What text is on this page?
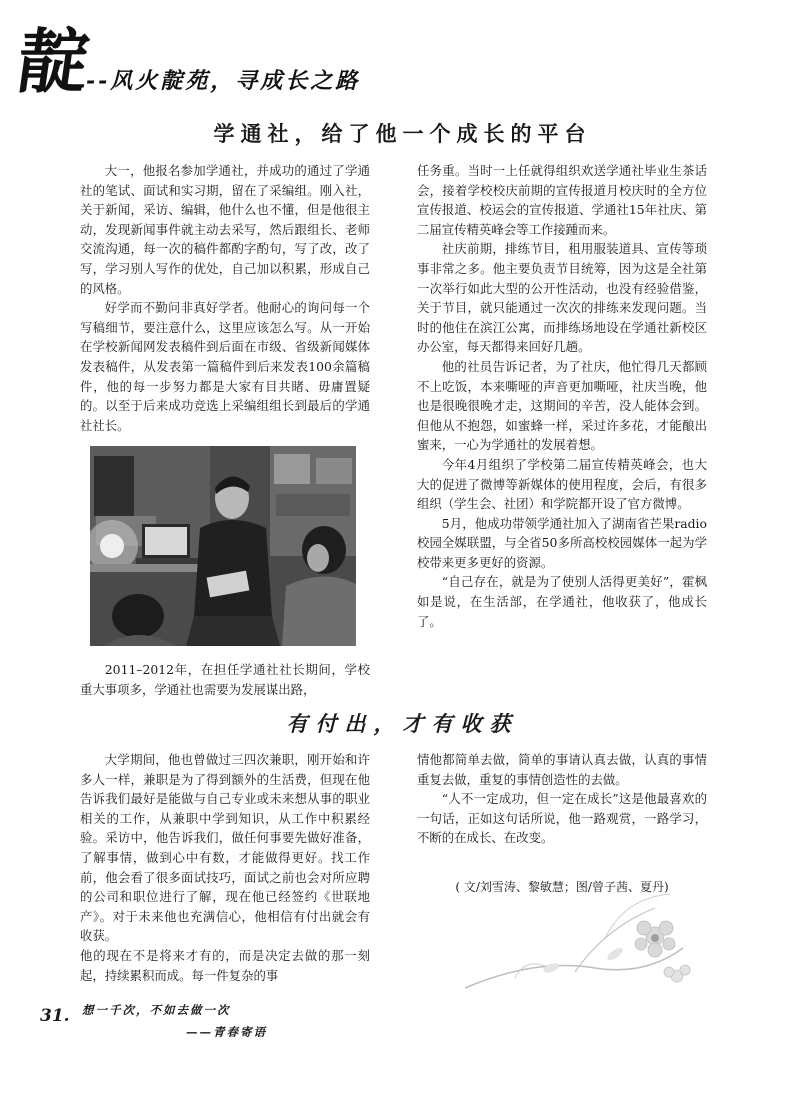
靛
--风火靛苑，寻成长之路
学通社，给了他一个成长的平台

大一，他报名参加学通社，并成功的通过了学通社的笔试、面试和实习期，留在了采编组。刚入社，关于新闻，采访、编辑，他什么也不懂，但是他很主动，发现新闻事件就主动去采写，然后跟组长、老师交流沟通，每一次的稿件都酌字酌句，写了改，改了写，学习别人写作的优处，自己加以积累，形成自己的风格。

好学而不勤问非真好学者。他耐心的询问每一个写稿细节，要注意什么，这里应该怎么写。从一开始在学校新闻网发表稿件到后面在市级、省级新闻媒体发表稿件，从发表第一篇稿件到后来发表100余篇稿件，他的每一步努力都是大家有目共睹、毋庸置疑的。以至于后来成功竞选上采编组组长到最后的学通社社长。

2011–2012年，在担任学通社社长期间，学校重大事项多，学通社也需要为发展谋出路，

任务重。当时一上任就得组织欢送学通社毕业生茶话会，接着学校校庆前期的宣传报道月校庆时的全方位宣传报道、校运会的宣传报道、学通社15年社庆、第二届宣传精英峰会等工作接踵而来。

社庆前期，排练节目，租用服装道具、宣传等琐事非常之多。他主要负责节目统筹，因为这是全社第一次举行如此大型的公开性活动，也没有经验借鉴，关于节目，就只能通过一次次的排练来发现问题。当时的他住在滨江公寓，而排练场地设在学通社新校区办公室，每天都得来回好几趟。

他的社员告诉记者，为了社庆，他忙得几天都顾不上吃饭，本来嘶哑的声音更加嘶哑，社庆当晚，他也是很晚很晚才走，这期间的辛苦，没人能体会到。但他从不抱怨，如蜜蜂一样，采过许多花，才能酿出蜜来，一心为学通社的发展着想。

今年4月组织了学校第二届宣传精英峰会，也大大的促进了微博等新媒体的使用程度，会后，有很多组织（学生会、社团）和学院都开设了官方微博。

5月，他成功带领学通社加入了湖南省芒果radio校园全媒联盟，与全省50多所高校校园媒体一起为学校带来更多更好的资源。

“自己存在，就是为了使别人活得更美好”，霍枫如是说，在生活部，在学通社，他收获了，他成长了。

有付出，才有收获

大学期间，他也曾做过三四次兼职，刚开始和许多人一样，兼职是为了得到额外的生活费，但现在他告诉我们最好是能做与自己专业或未来想从事的职业相关的工作，从兼职中学到知识，从工作中积累经验。采访中，他告诉我们，做任何事要先做好准备，了解事情，做到心中有数，才能做得更好。找工作前，他会看了很多面试技巧，面试之前也会对所应聘的公司和职位进行了解，现在他已经签约《世联地产》。对于未来他也充满信心，他相信有付出就会有收获。

他的现在不是将来才有的，而是决定去做的那一刻起，持续累积而成。每一件复杂的事

情他都简单去做，简单的事请认真去做，认真的事情重复去做，重复的事情创造性的去做。

“人不一定成功，但一定在成长”这是他最喜欢的一句话，正如这句话所说，他一路观赏，一路学习，不断的在成长、在改变。

( 文/刘雪涛、黎敏慧；图/曾子茜、夏丹)
31. 想一千次，不如去做一次
——青春寄语
